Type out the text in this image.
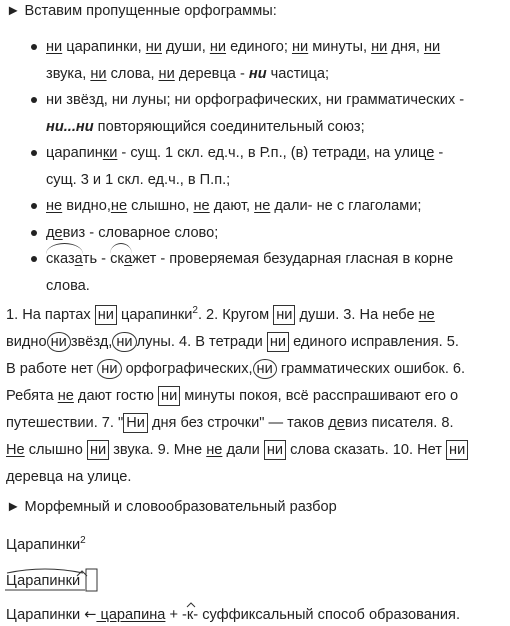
► Вставим пропущенные орфограммы:
ни царапинки, ни души, ни единого; ни минуты, ни дня, ни
звука, ни слова, ни деревца - ни частица;
ни звёзд, ни луны; ни орфографических, ни грамматических -
ни...ни повторяющийся соединительный союз;
царапинки - сущ. 1 скл. ед.ч., в Р.п., (в) тетради, на улице -
сущ. 3 и 1 скл. ед.ч., в П.п.;
не видно,не слышно, не дают, не дали- не с глаголами;
девиз - словарное слово;
сказать - скажет - проверяемая безударная гласная в корне
слова.
1. На партах ни царапинки$^2$. 2. Кругом ни души. 3. На небе не
видно ни звёзд, ни луны. 4. В тетради ни единого исправления. 5.
В работе нет ни орфографических, ни грамматических ошибок. 6.
Ребята не дают гостю ни минуты покоя, всё расспрашивают его о
путешествии. 7. " Ни дня без строчки" — таков девиз писателя. 8.
Не слышно ни звука. 9. Мне не дали ни слова сказать. 10. Нет ни
деревца на улице.
► Морфемный и словообразовательный разбор
Царапинки$^2$
Царапинки
Царапинки ← царапина + -
к- суффиксальный способ образования.
